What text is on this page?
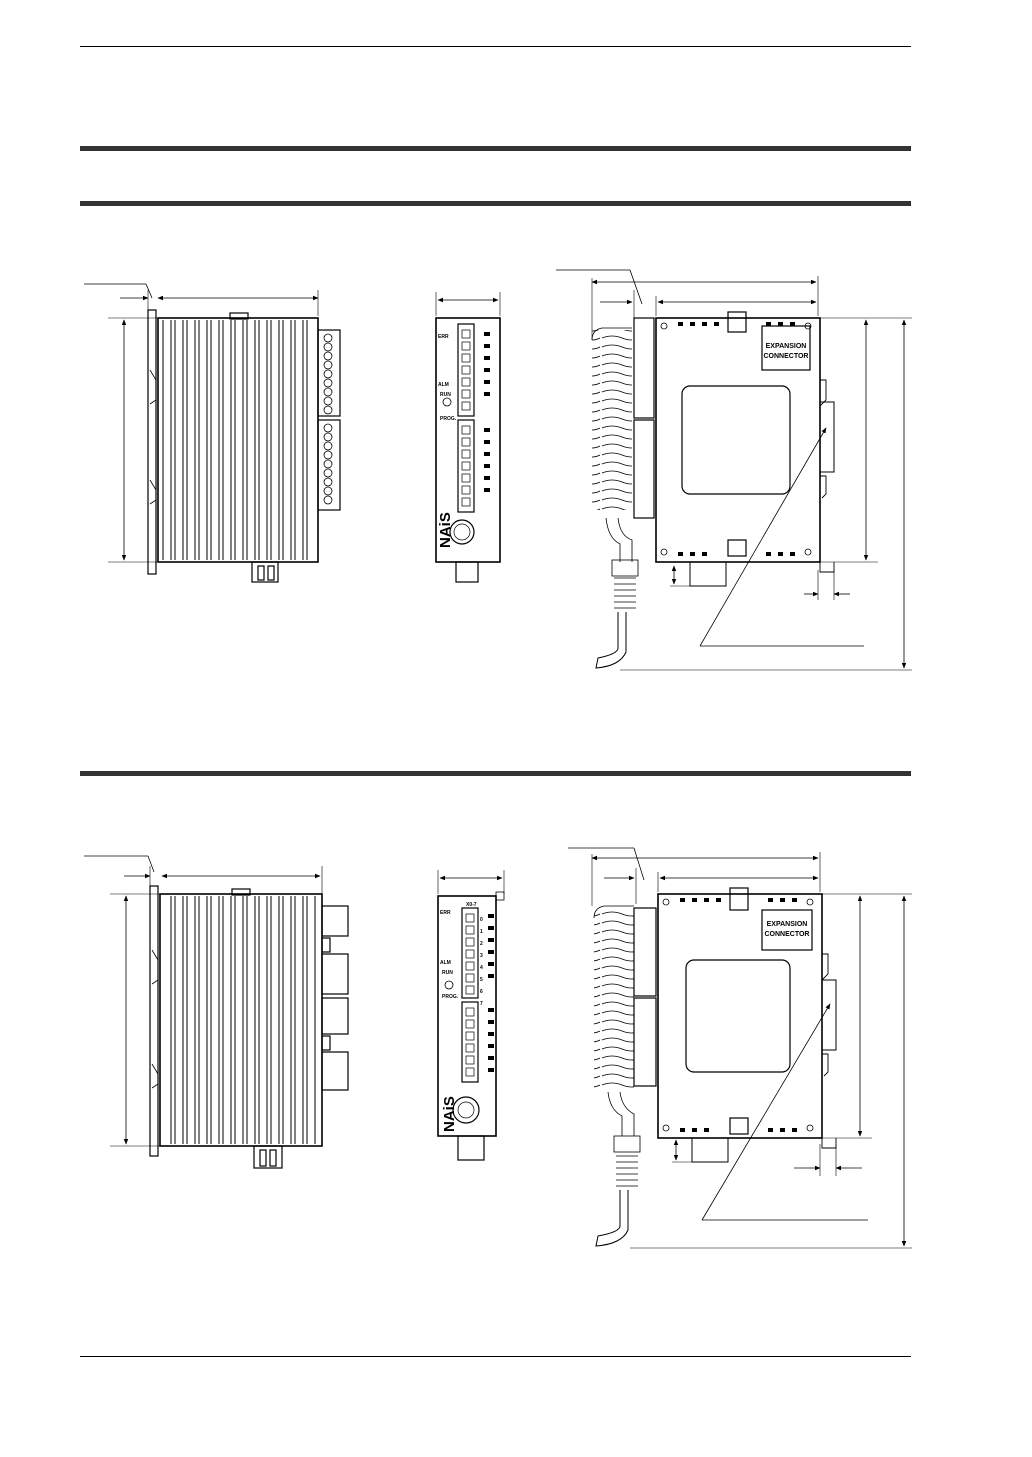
ERR
ALM
RUN
PROG.
NAiS
EXPANSION
CONNECTOR
X0-7
ERR
ALM
RUN
PROG.
0
1
2
3
4
5
6
7
NAiS
EXPANSION
CONNECTOR
